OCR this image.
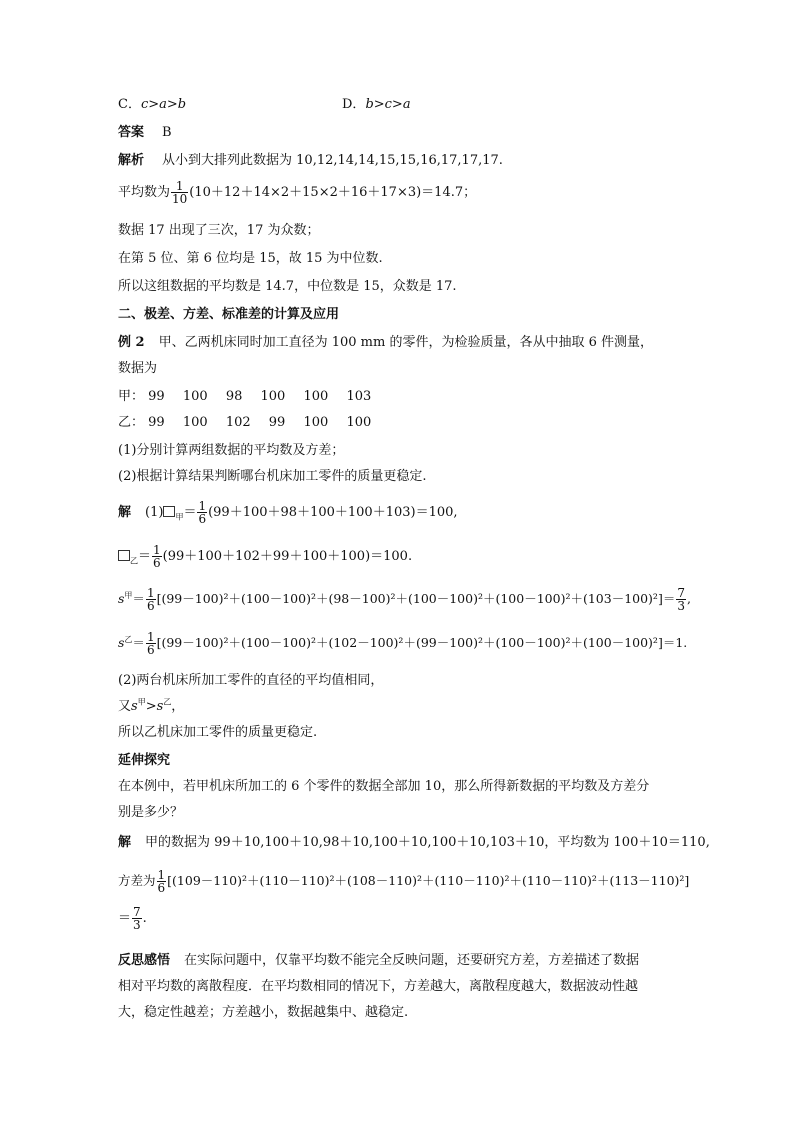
C．c>a>b	D．b>c>a
答案 B
解析 从小到大排列此数据为 10,12,14,14,15,15,16,17,17,17.
平均数为 $\frac{1}{10} (10+12+14\times 2+15\times 2+16+17\times 3)=14.7$；
数据 17 出现了三次，17 为众数；
在第 5 位、第 6 位均是 15，故 15 为中位数.
所以这组数据的平均数是 14.7，中位数是 15，众数是 17.
二、极差、方差、标准差的计算及应用
例 2 甲、乙两机床同时加工直径为 100 mm 的零件，为检验质量，各从中抽取 6 件测量，
数据为
甲： 99 100 98 100 100 103
乙： 99 100 102 99 100 100
(1)分别计算两组数据的平均数及方差；
(2)根据计算结果判断哪台机床加工零件的质量更稳定.
解 (1) $_甲= \frac{1}{6} (99+100+98+100+100+103)=100$,
$_乙= \frac{1}{6} (99+100+102+99+100+100)=100$.
$s^甲= \frac{1}{6} [(99-100)^2+(100-100)^2+(98-100)^2+(100-100)^2+(100-100)^2+(103-100)^2]= \frac{7}{3}$ ,
$s^乙= \frac{1}{6} [(99-100)^2+(100-100)^2+(102-100)^2+(99-100)^2+(100-100)^2+(100-100)^2]=1$.
(2)两台机床所加工零件的直径的平均值相同，
又$s^甲>s^乙$，
所以乙机床加工零件的质量更稳定.
延伸探究
在本例中，若甲机床所加工的 6 个零件的数据全部加 10，那么所得新数据的平均数及方差分
别是多少？
解 甲的数据为 99＋10,100＋10,98＋10,100＋10,100＋10,103＋10，平均数为 100＋10＝110,
方差为 $\frac{1}{6} [(109-110)^2+(110-110)^2+(108-110)^2+(110-110)^2+(110-110)^2+(113-110)^2]$
＝ $\frac{7}{3}$ .
反思感悟 在实际问题中，仅靠平均数不能完全反映问题，还要研究方差，方差描述了数据
相对平均数的离散程度．在平均数相同的情况下，方差越大，离散程度越大，数据波动性越
大，稳定性越差；方差越小，数据越集中、越稳定.
